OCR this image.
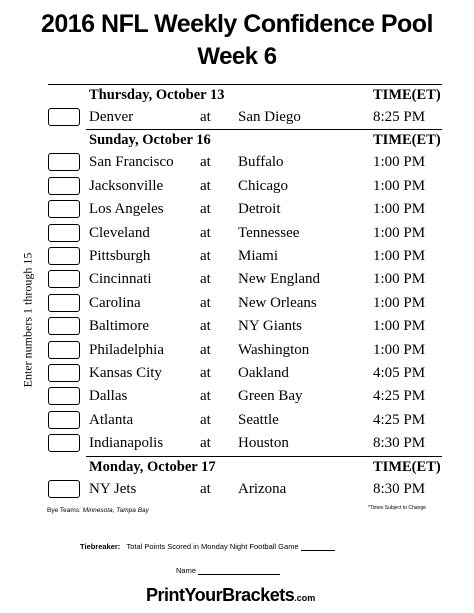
2016 NFL Weekly Confidence Pool
Week 6
Enter numbers 1 through 15
Thursday, October 13	TIME(ET)
Denver	at San Diego	8:25 PM
Sunday, October 16	TIME(ET)
San Francisco at Buffalo	1:00 PM
Jacksonville at Chicago	1:00 PM
Los Angeles at Detroit	1:00 PM
Cleveland	at Tennessee	1:00 PM
Pittsburgh	at Miami	1:00 PM
Cincinnati	at New England	1:00 PM
Carolina	at New Orleans	1:00 PM
Baltimore	at NY Giants	1:00 PM
Philadelphia at Washington	1:00 PM
Kansas City	at Oakland	4:05 PM
Dallas	at Green Bay	4:25 PM
Atlanta	at Seattle	4:25 PM
Indianapolis at Houston	8:30 PM
Monday, October 17	TIME(ET)
NY Jets	at Arizona	8:30 PM
Bye Teams: Minnesota, Tampa Bay	*Times Subject to Change
Tiebreaker: Total Points Scored in Monday Night Football Game
Name
PrintYourBrackets.com
